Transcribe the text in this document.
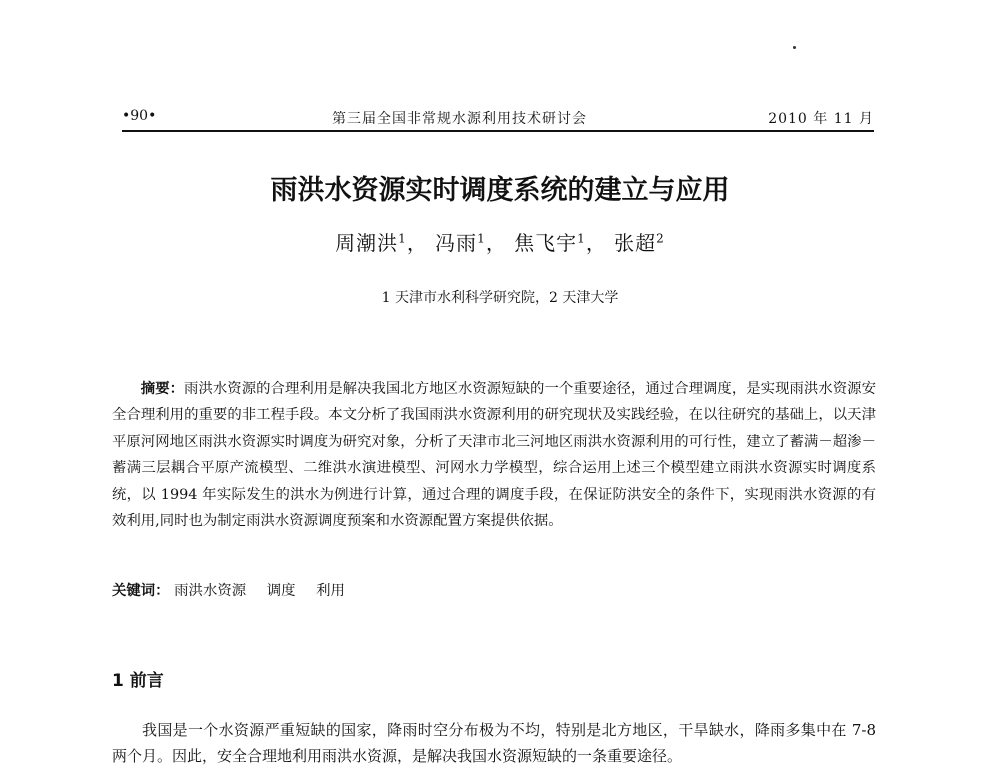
•90•	第三届全国非常规水源利用技术研讨会	2010 年 11 月
雨洪水资源实时调度系统的建立与应用
周潮洪$^1$， 冯雨$^1$， 焦飞宇$^1$， 张超$^2$
1 天津市水利科学研究院，2 天津大学
摘要：雨洪水资源的合理利用是解决我国北方地区水资源短缺的一个重要途径，通过合理调度，是实现雨洪水资源安全合理利用的重要的非工程手段。本文分析了我国雨洪水资源利用的研究现状及实践经验，在以往研究的基础上，以天津平原河网地区雨洪水资源实时调度为研究对象，分析了天津市北三河地区雨洪水资源利用的可行性，建立了蓄满－超渗－蓄满三层耦合平原产流模型、二维洪水演进模型、河网水力学模型，综合运用上述三个模型建立雨洪水资源实时调度系统，以 1994 年实际发生的洪水为例进行计算，通过合理的调度手段，在保证防洪安全的条件下，实现雨洪水资源的有效利用,同时也为制定雨洪水资源调度预案和水资源配置方案提供依据。
关键词： 雨洪水资源 调度 利用
1 前言
我国是一个水资源严重短缺的国家，降雨时空分布极为不均，特别是北方地区，干旱缺水，降雨多集中在 7-8 两个月。因此，安全合理地利用雨洪水资源，是解决我国水资源短缺的一条重要途径。
